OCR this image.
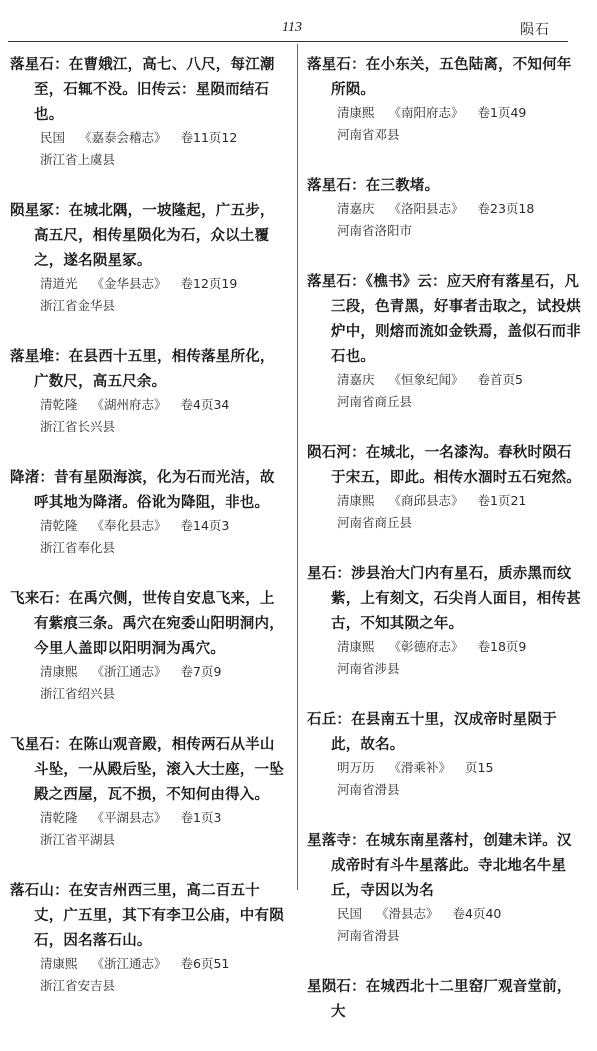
113	陨石

落星石：在曹娥江，高七、八尺，每江潮至，石辄不没。旧传云：星陨而结石也。

民国 《嘉泰会稽志》 卷11页12
浙江省上虞县

陨星冢：在城北隅，一坡隆起，广五步，高五尺，相传星陨化为石，众以土覆之，遂名陨星冢。

清道光 《金华县志》 卷12页19
浙江省金华县

落星堆：在县西十五里，相传落星所化，广数尺，高五尺余。

清乾隆 《湖州府志》 卷4页34
浙江省长兴县

降渚：昔有星陨海滨，化为石而光洁，故呼其地为降渚。俗讹为降阻，非也。

清乾隆 《奉化县志》 卷14页3
浙江省奉化县

飞来石：在禹穴侧，世传自安息飞来，上有紫痕三条。禹穴在宛委山阳明洞内，今里人盖即以阳明洞为禹穴。

清康熙 《浙江通志》 卷7页9
浙江省绍兴县

飞星石：在陈山观音殿，相传两石从半山斗坠，一从殿后坠，滚入大士座，一坠殿之西屋，瓦不损，不知何由得入。

清乾隆 《平湖县志》 卷1页3
浙江省平湖县

落石山：在安吉州西三里，高二百五十丈，广五里，其下有李卫公庙，中有陨石，因名落石山。

清康熙 《浙江通志》 卷6页51
浙江省安吉县

落星石：在小东关，五色陆离，不知何年所陨。

清康熙 《南阳府志》 卷1页49
河南省邓县

落星石：在三教堵。

清嘉庆 《洛阳县志》 卷23页18
河南省洛阳市

落星石：《樵书》云：应天府有落星石，凡三段，色青黑，好事者击取之，试投烘炉中，则熔而流如金铁焉，盖似石而非石也。

清嘉庆 《恒象纪闻》 卷首页5
河南省商丘县

陨石河：在城北，一名漆沟。春秋时陨石于宋五，即此。相传水涸时五石宛然。

清康熙 《商邱县志》 卷1页21
河南省商丘县

星石：涉县治大门内有星石，质赤黑而纹紫，上有刻文，石尖肖人面目，相传甚古，不知其陨之年。

清康熙 《彰德府志》 卷18页9
河南省涉县

石丘：在县南五十里，汉成帝时星陨于此，故名。

明万历 《滑乘补》 页15
河南省滑县

星落寺：在城东南星落村，创建未详。汉成帝时有斗牛星落此。寺北地名牛星丘，寺因以为名

民国 《滑县志》 卷4页40
河南省滑县

星陨石：在城西北十二里窑厂观音堂前，大
